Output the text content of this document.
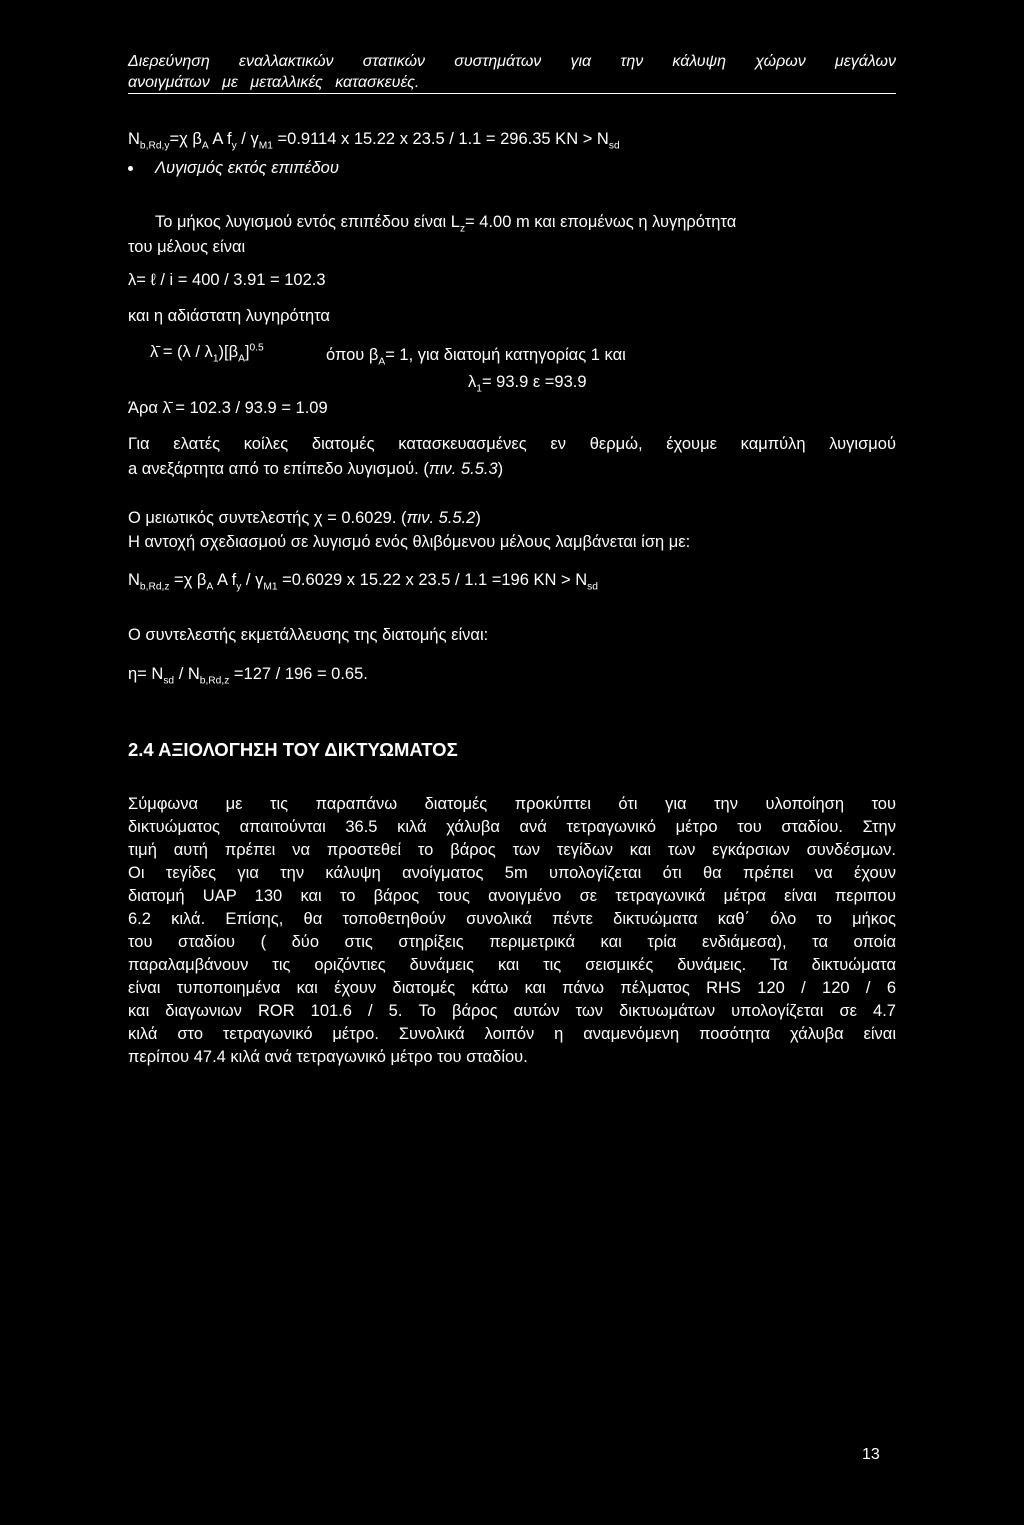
Διερεύνηση εναλλακτικών στατικών συστημάτων για την κάλυψη χώρων μεγάλων
ανοιγμάτων με μεταλλικές κατασκευές.
$N_{b,Rd,y}=\chi$ $\beta_A$ A $f_y / \gamma_{M1} =0.9114$ x 15.22 x 23.5 / 1.1 = 296.35 KN > $N_{sd}$
Λυγισμός εκτός επιπέδου
Το μήκος λυγισμού εντός επιπέδου είναι $L_z= 4.00$ m και επομένως η λυγηρότητα
του μέλους είναι
λ= ℓ / i = 400 / 3.91 = 102.3
και η αδιάστατη λυγηρότητα
λ̄ = $(\lambda / \lambda_1)[\beta_A]^{0.5}$	όπου $\beta_A= 1$, για διατομή κατηγορίας 1 και
$\lambda_1= 93.9$ ε =93.9
Άρα λ̄ = 102.3 / 93.9 = 1.09
Για ελατές κοίλες διατομές κατασκευασμένες εν θερμώ, έχουμε καμπύλη λυγισμού
a ανεξάρτητα από το επίπεδο λυγισμού. (πιν. 5.5.3)
Ο μειωτικός συντελεστής χ = 0.6029. (πιν. 5.5.2)
Η αντοχή σχεδιασμού σε λυγισμό ενός θλιβόμενου μέλους λαμβάνεται ίση με:
$N_{b,Rd,z} =\chi$ $\beta_A$ A $f_y / \gamma_{M1} =0.6029$ x 15.22 x 23.5 / 1.1 =196 KN > $N_{sd}$
Ο συντελεστής εκμετάλλευσης της διατομής είναι:
$\eta= N_{sd} / N_{b,Rd,z} =127 / 196 = 0.65$.
2.4 ΑΞΙΟΛΟΓΗΣΗ ΤΟΥ ΔΙΚΤΥΩΜΑΤΟΣ
Σύμφωνα με τις παραπάνω διατομές προκύπτει ότι για την υλοποίηση του
δικτυώματος απαιτούνται 36.5 κιλά χάλυβα ανά τετραγωνικό μέτρο του σταδίου. Στην
τιμή αυτή πρέπει να προστεθεί το βάρος των τεγίδων και των εγκάρσιων συνδέσμων.
Οι τεγίδες για την κάλυψη ανοίγματος 5m υπολογίζεται ότι θα πρέπει να έχουν
διατομή UAP 130 και το βάρος τους ανοιγμένο σε τετραγωνικά μέτρα είναι περιπου
6.2 κιλά. Επίσης, θα τοποθετηθούν συνολικά πέντε δικτυώματα καθ΄ όλο το μήκος
του σταδίου ( δύο στις στηρίξεις περιμετρικά και τρία ενδιάμεσα), τα οποία
παραλαμβάνουν τις οριζόντιες δυνάμεις και τις σεισμικές δυνάμεις. Τα δικτυώματα
είναι τυποποιημένα και έχουν διατομές κάτω και πάνω πέλματος RHS 120 / 120 / 6
και διαγωνιων ROR 101.6 / 5. Το βάρος αυτών των δικτυωμάτων υπολογίζεται σε 4.7
κιλά στο τετραγωνικό μέτρο. Συνολικά λοιπόν η αναμενόμενη ποσότητα χάλυβα είναι
περίπου 47.4 κιλά ανά τετραγωνικό μέτρο του σταδίου.
13
